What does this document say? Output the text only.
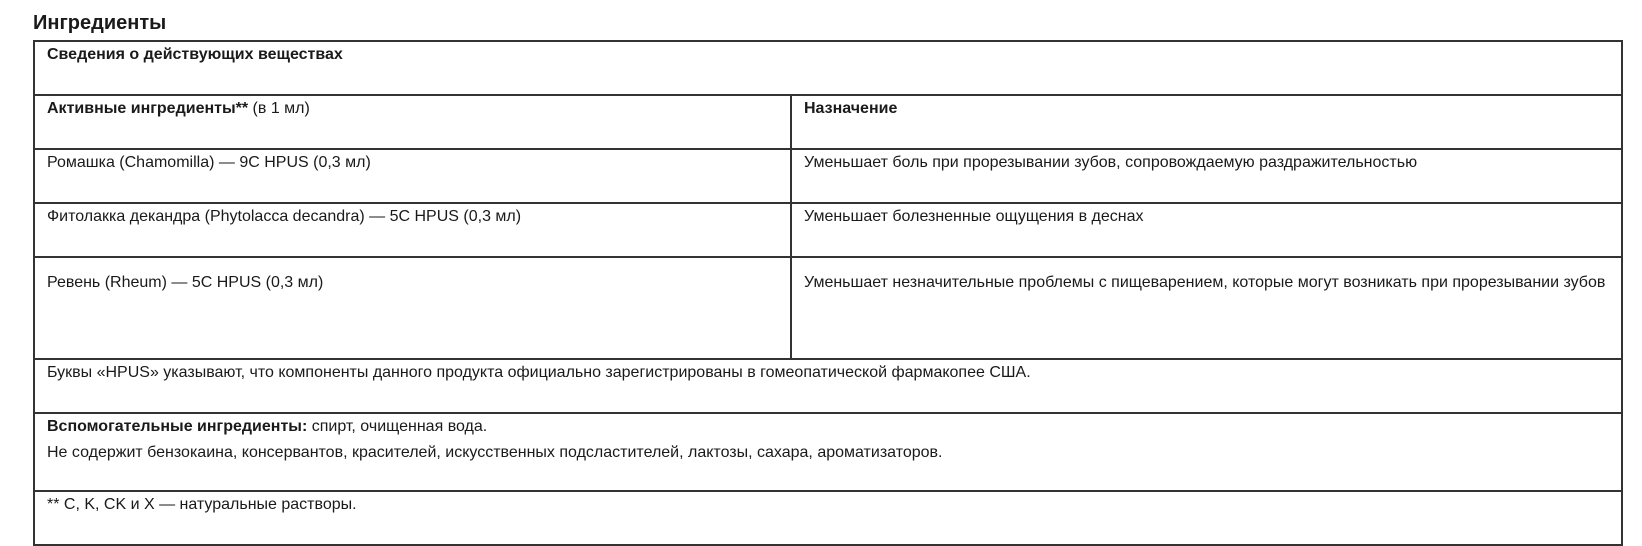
Ингредиенты
Сведения о действующих веществах	
Активные ингредиенты** (в 1 мл)	Назначение
Ромашка (Chamomilla) — 9C HPUS (0,3 мл)	Уменьшает боль при прорезывании зубов, сопровождаемую раздражительностью
Фитолакка декандра (Phytolacca decandra) — 5C HPUS (0,3 мл)	Уменьшает болезненные ощущения в деснах
Ревень (Rheum) — 5C HPUS (0,3 мл)	Уменьшает незначительные проблемы с пищеварением, которые могут возникать при прорезывании зубов
Буквы «HPUS» указывают, что компоненты данного продукта официально зарегистрированы в гомеопатической фармакопее США.	

Вспомогательные ингредиенты: спирт, очищенная вода.
Не содержит бензокаина, консервантов, красителей, искусственных подсластителей, лактозы, сахара, ароматизаторов.	

** C, K, CK и X — натуральные растворы.	
